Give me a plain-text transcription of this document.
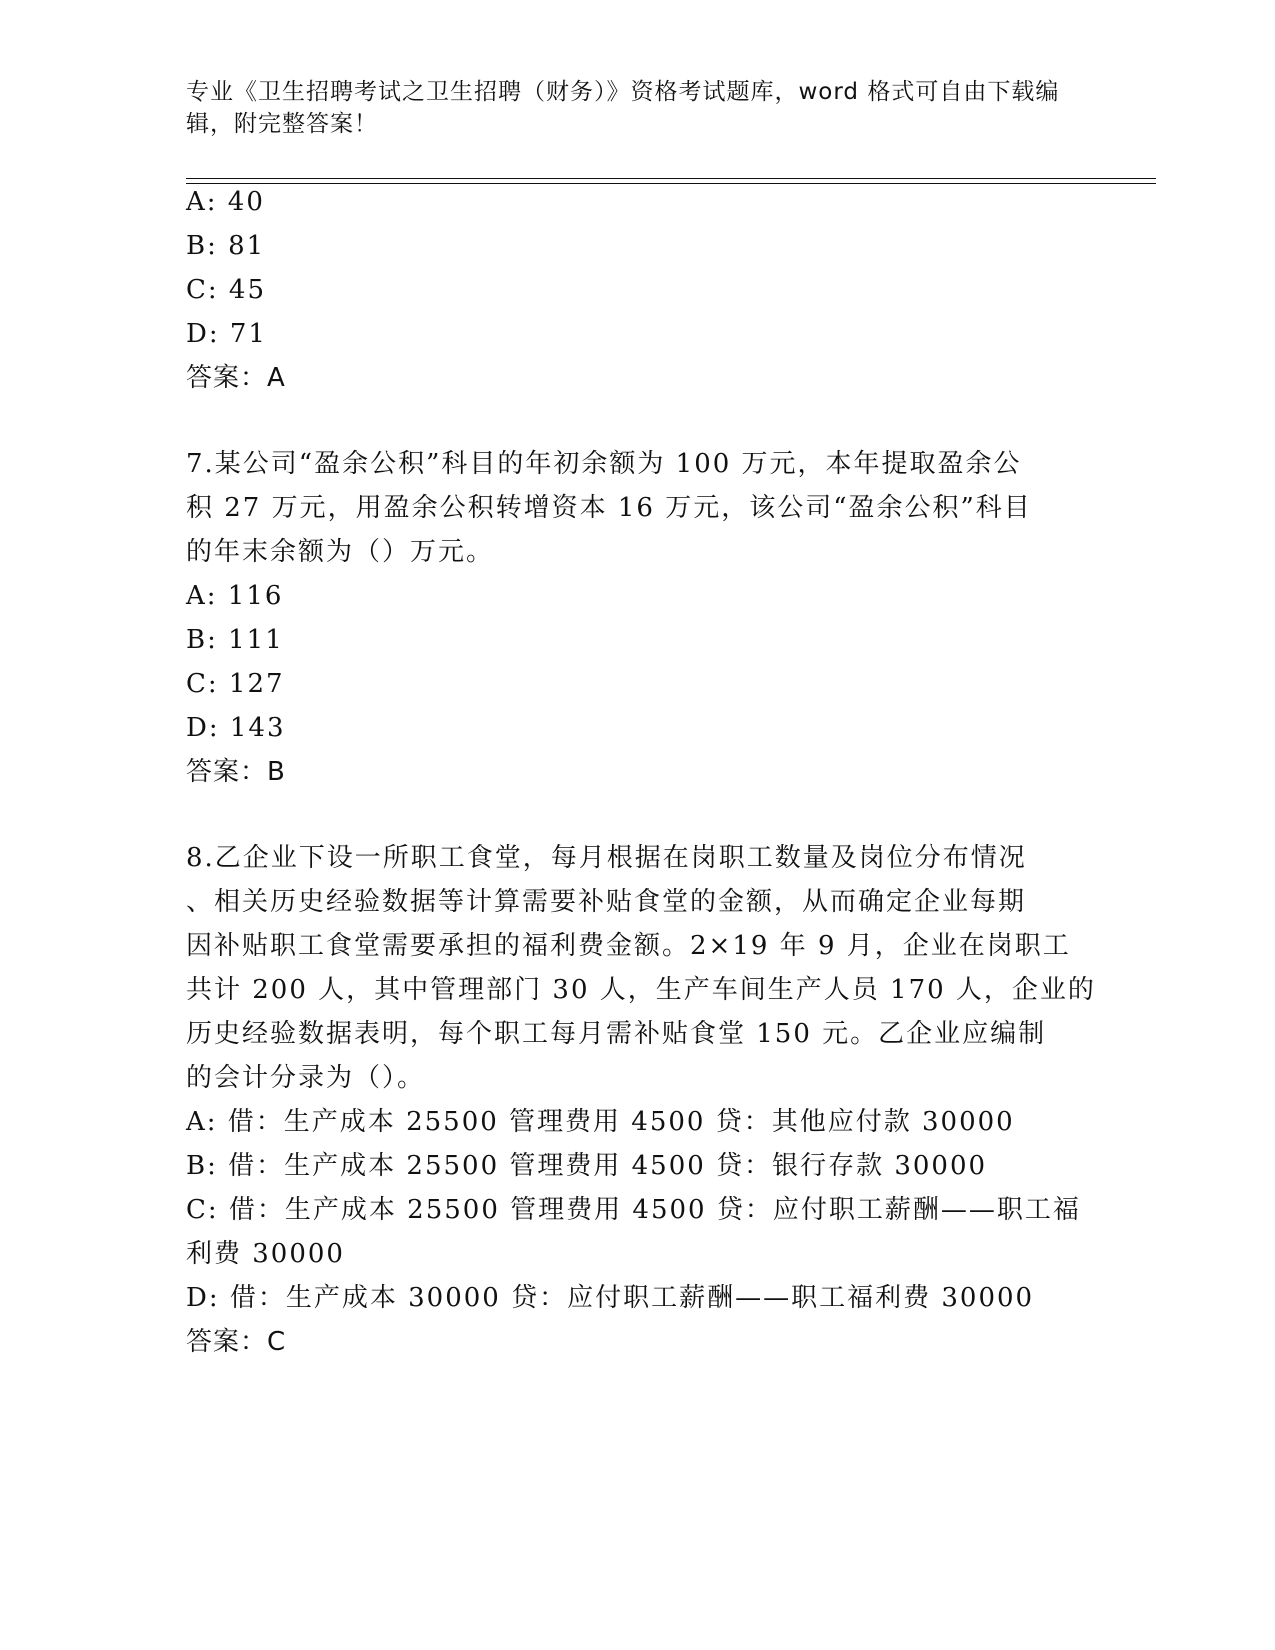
专业《卫生招聘考试之卫生招聘（财务）》资格考试题库，word 格式可自由下载编辑，附完整答案！
A: 40
B: 81
C: 45
D: 71
答案：A
7.某公司“盈余公积”科目的年初余额为 100 万元，本年提取盈余公
积 27 万元，用盈余公积转增资本 16 万元，该公司“盈余公积”科目
的年末余额为（）万元。
A: 116
B: 111
C: 127
D: 143
答案：B
8.乙企业下设一所职工食堂，每月根据在岗职工数量及岗位分布情况
、相关历史经验数据等计算需要补贴食堂的金额，从而确定企业每期
因补贴职工食堂需要承担的福利费金额。2×19 年 9 月，企业在岗职工
共计 200 人，其中管理部门 30 人，生产车间生产人员 170 人，企业的
历史经验数据表明，每个职工每月需补贴食堂 150 元。乙企业应编制
的会计分录为（）。
A: 借：生产成本 25500 管理费用 4500 贷：其他应付款 30000
B: 借：生产成本 25500 管理费用 4500 贷：银行存款 30000
C: 借：生产成本 25500 管理费用 4500 贷：应付职工薪酬——职工福
利费 30000
D: 借：生产成本 30000 贷：应付职工薪酬——职工福利费 30000
答案：C
